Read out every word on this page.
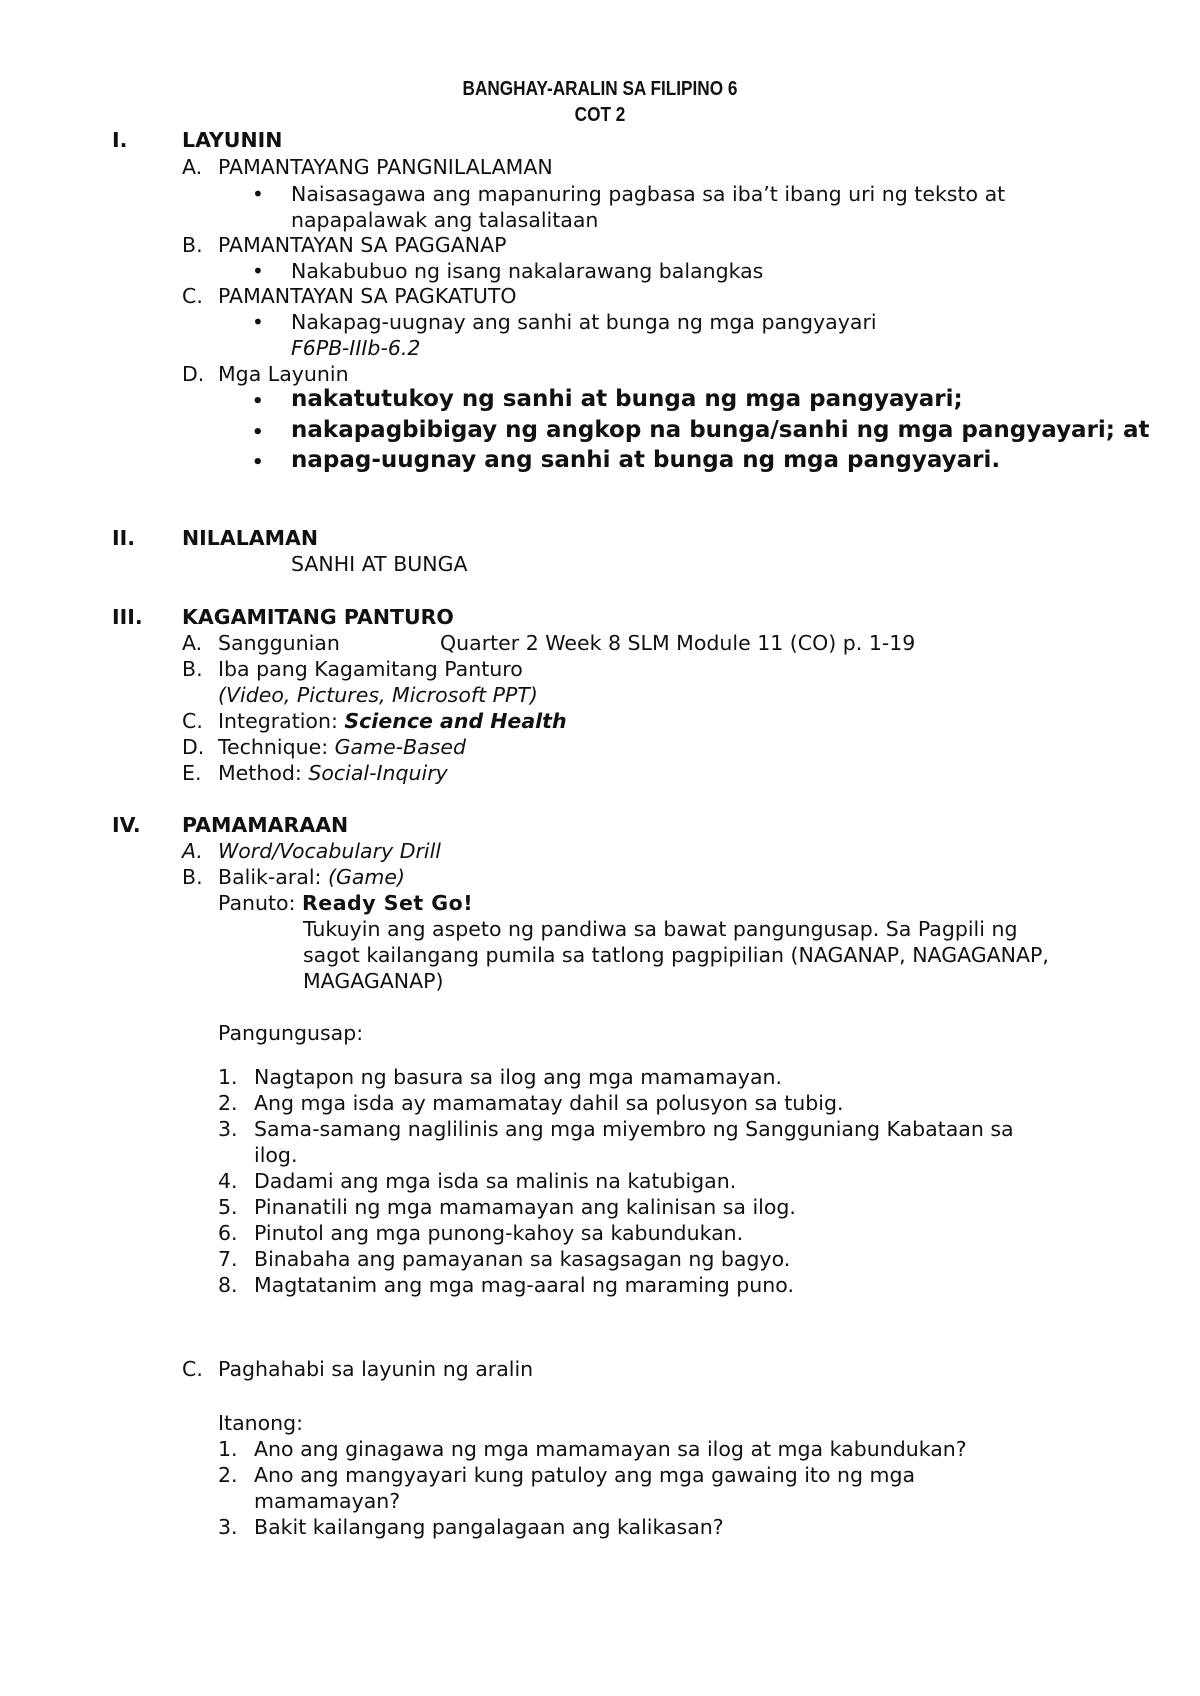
BANGHAY-ARALIN SA FILIPINO 6
COT 2
I.	LAYUNIN
A. PAMANTAYANG PANGNILALAMAN
• Naisasagawa ang mapanuring pagbasa sa iba’t ibang uri ng teksto at
napapalawak ang talasalitaan
B. PAMANTAYAN SA PAGGANAP
• Nakabubuo ng isang nakalarawang balangkas
C. PAMANTAYAN SA PAGKATUTO
• Nakapag-uugnay ang sanhi at bunga ng mga pangyayari
F6PB-IIIb-6.2
D. Mga Layunin
• nakatutukoy ng sanhi at bunga ng mga pangyayari;
• nakapagbibigay ng angkop na bunga/sanhi ng mga pangyayari; at
• napag-uugnay ang sanhi at bunga ng mga pangyayari.
II. NILALAMAN
SANHI AT BUNGA
III. KAGAMITANG PANTURO
A. Sanggunian	Quarter 2 Week 8 SLM Module 11 (CO) p. 1-19
B. Iba pang Kagamitang Panturo
(Video, Pictures, Microsoft PPT)
C. Integration: Science and Health
D. Technique: Game-Based
E. Method: Social-Inquiry
IV. PAMAMARAAN
A. Word/Vocabulary Drill
B. Balik-aral: (Game)
Panuto: Ready Set Go!
Tukuyin ang aspeto ng pandiwa sa bawat pangungusap. Sa Pagpili ng
sagot kailangang pumila sa tatlong pagpipilian (NAGANAP, NAGAGANAP,
MAGAGANAP)
Pangungusap:
1. Nagtapon ng basura sa ilog ang mga mamamayan.
2. Ang mga isda ay mamamatay dahil sa polusyon sa tubig.
3. Sama-samang naglilinis ang mga miyembro ng Sangguniang Kabataan sa
ilog.
4. Dadami ang mga isda sa malinis na katubigan.
5. Pinanatili ng mga mamamayan ang kalinisan sa ilog.
6. Pinutol ang mga punong-kahoy sa kabundukan.
7. Binabaha ang pamayanan sa kasagsagan ng bagyo.
8. Magtatanim ang mga mag-aaral ng maraming puno.
C. Paghahabi sa layunin ng aralin
Itanong:
1. Ano ang ginagawa ng mga mamamayan sa ilog at mga kabundukan?
2. Ano ang mangyayari kung patuloy ang mga gawaing ito ng mga
mamamayan?
3. Bakit kailangang pangalagaan ang kalikasan?
